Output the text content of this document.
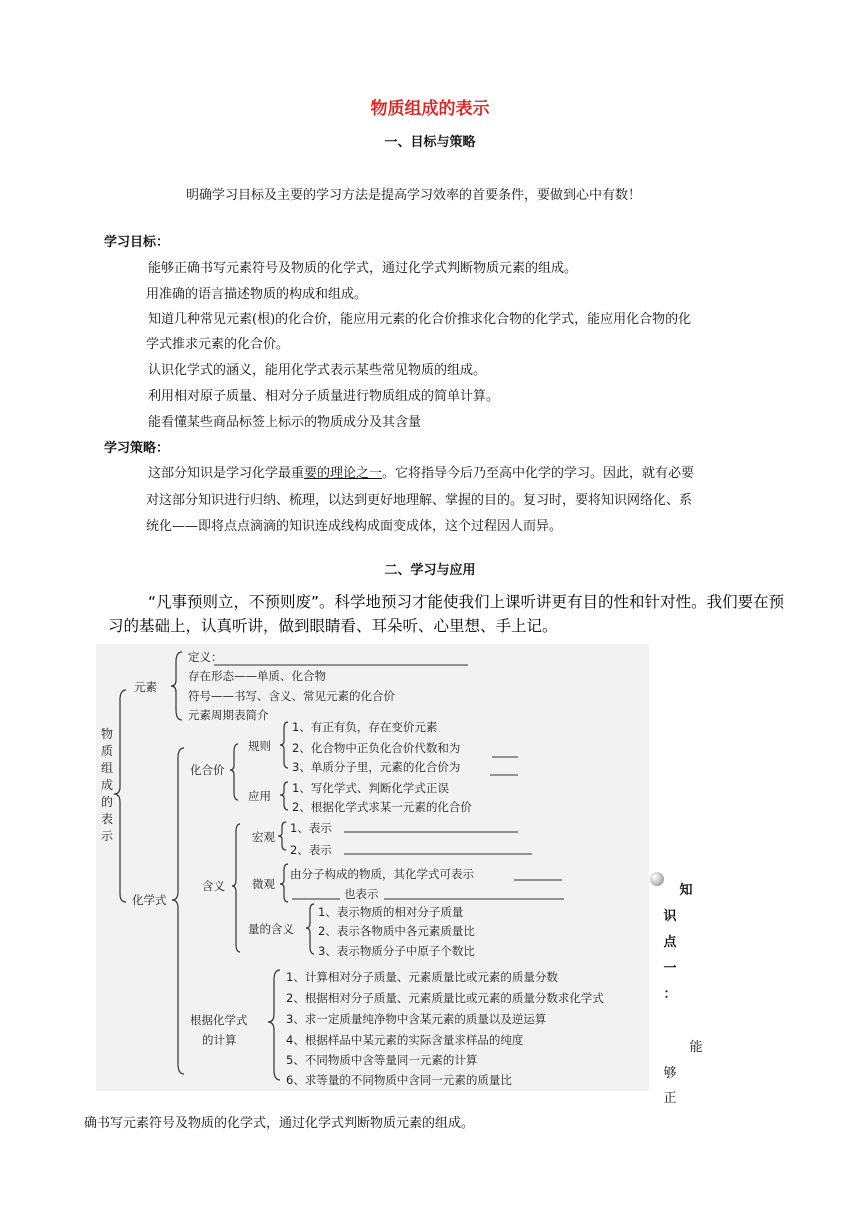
物质组成的表示
一、目标与策略
明确学习目标及主要的学习方法是提高学习效率的首要条件，要做到心中有数！
学习目标：
能够正确书写元素符号及物质的化学式，通过化学式判断物质元素的组成。
用准确的语言描述物质的构成和组成。
知道几种常见元素(根)的化合价，能应用元素的化合价推求化合物的化学式，能应用化合物的化
学式推求元素的化合价。
认识化学式的涵义，能用化学式表示某些常见物质的组成。
利用相对原子质量、相对分子质量进行物质组成的简单计算。
能看懂某些商品标签上标示的物质成分及其含量
学习策略：
这部分知识是学习化学最重要的理论之一。它将指导今后乃至高中化学的学习。因此，就有必要
对这部分知识进行归纳、梳理，以达到更好地理解、掌握的目的。复习时，要将知识网络化、系
统化——即将点点滴滴的知识连成线构成面变成体，这个过程因人而异。
二、学习与应用
“凡事预则立，不预则废”。科学地预习才能使我们上课听讲更有目的性和针对性。我们要在预习的基础上，认真听讲，做到眼睛看、耳朵听、心里想、手上记。
物
质
组
成
的
表
示
元素
定义：
存在形态——单质、化合物
符号——书写、含义、常见元素的化合价
元素周期表简介
化学式
化合价
规则
1、有正有负，存在变价元素
2、化合物中正负化合价代数和为
3、单质分子里，元素的化合价为
应用
1、写化学式、判断化学式正误
2、根据化学式求某一元素的化合价
含义
宏观
1、表示
2、表示
微观
由分子构成的物质，其化学式可表示
也表示
量的含义
1、表示物质的相对分子质量
2、表示各物质中各元素质量比
3、表示物质分子中原子个数比
根据化学式
的计算
1、计算相对分子质量、元素质量比或元素的质量分数
2、根据相对分子质量、元素质量比或元素的质量分数求化学式
3、求一定质量纯净物中含某元素的质量以及逆运算
4、根据样品中某元素的实际含量求样品的纯度
5、不同物质中含等量同一元素的计算
6、求等量的不同物质中含同一元素的质量比
知
识
点
一
：
能
够
正
确书写元素符号及物质的化学式，通过化学式判断物质元素的组成。
